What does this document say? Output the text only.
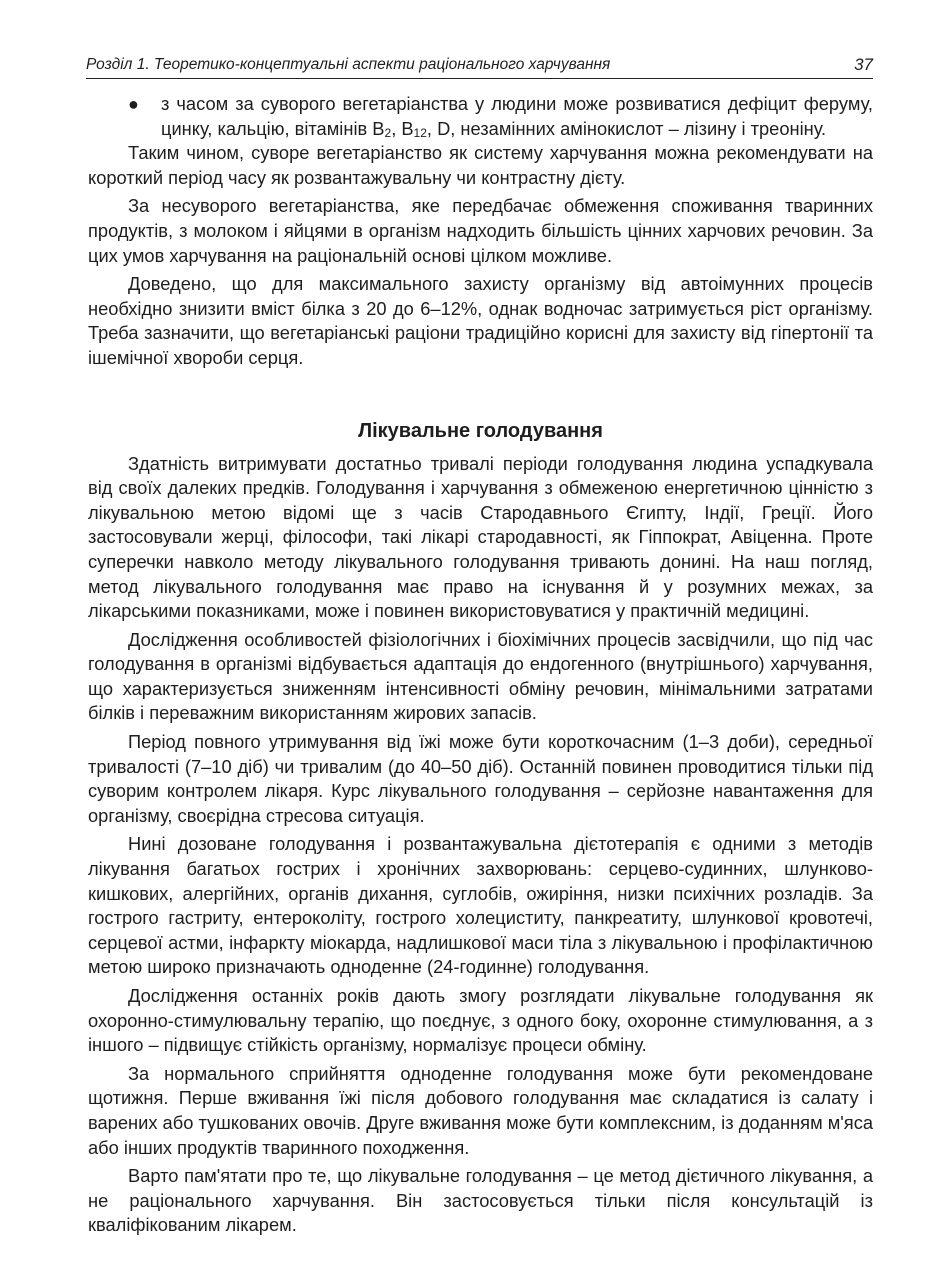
Розділ 1. Теоретико-концептуальні аспекти раціонального харчування	37
● з часом за суворого вегетаріанства у людини може розвиватися дефіцит феруму, цинку, кальцію, вітамінів $B_2$, $B_{12}$, D, незамінних амінокислот – лізину і треоніну.

Таким чином, суворе вегетаріанство як систему харчування можна рекомендувати на короткий період часу як розвантажувальну чи контрастну дієту.

За несуворого вегетаріанства, яке передбачає обмеження споживання тваринних продуктів, з молоком і яйцями в організм надходить більшість цінних харчових речовин. За цих умов харчування на раціональній основі цілком можливе.

Доведено, що для максимального захисту організму від автоімунних процесів необхідно знизити вміст білка з 20 до 6–12%, однак водночас затримується ріст організму. Треба зазначити, що вегетаріанські раціони традиційно корисні для захисту від гіпертонії та ішемічної хвороби серця.

Лікувальне голодування

Здатність витримувати достатньо тривалі періоди голодування людина успадкувала від своїх далеких предків. Голодування і харчування з обмеженою енергетичною цінністю з лікувальною метою відомі ще з часів Стародавнього Єгипту, Індії, Греції. Його застосовували жерці, філософи, такі лікарі стародавності, як Гіппократ, Авіценна. Проте суперечки навколо методу лікувального голодування тривають донині. На наш погляд, метод лікувального голодування має право на існування й у розумних межах, за лікарськими показниками, може і повинен використовуватися у практичній медицині.

Дослідження особливостей фізіологічних і біохімічних процесів засвідчили, що під час голодування в організмі відбувається адаптація до ендогенного (внутрішнього) харчування, що характеризується зниженням інтенсивності обміну речовин, мінімальними затратами білків і переважним використанням жирових запасів.

Період повного утримування від їжі може бути короткочасним (1–3 доби), середньої тривалості (7–10 діб) чи тривалим (до 40–50 діб). Останній повинен проводитися тільки під суворим контролем лікаря. Курс лікувального голодування – серйозне навантаження для організму, своєрідна стресова ситуація.

Нині дозоване голодування і розвантажувальна дієтотерапія є одними з методів лікування багатьох гострих і хронічних захворювань: серцево-судинних, шлунково-кишкових, алергійних, органів дихання, суглобів, ожиріння, низки психічних розладів. За гострого гастриту, ентероколіту, гострого холециститу, панкреатиту, шлункової кровотечі, серцевої астми, інфаркту міокарда, надлишкової маси тіла з лікувальною і профілактичною метою широко призначають одноденне (24-годинне) голодування.

Дослідження останніх років дають змогу розглядати лікувальне голодування як охоронно-стимулювальну терапію, що поєднує, з одного боку, охоронне стимулювання, а з іншого – підвищує стійкість організму, нормалізує процеси обміну.

За нормального сприйняття одноденне голодування може бути рекомендоване щотижня. Перше вживання їжі після добового голодування має складатися із салату і варених або тушкованих овочів. Друге вживання може бути комплексним, із доданням м'яса або інших продуктів тваринного походження.

Варто пам'ятати про те, що лікувальне голодування – це метод дієтичного лікування, а не раціонального харчування. Він застосовується тільки після консультацій із кваліфікованим лікарем.
